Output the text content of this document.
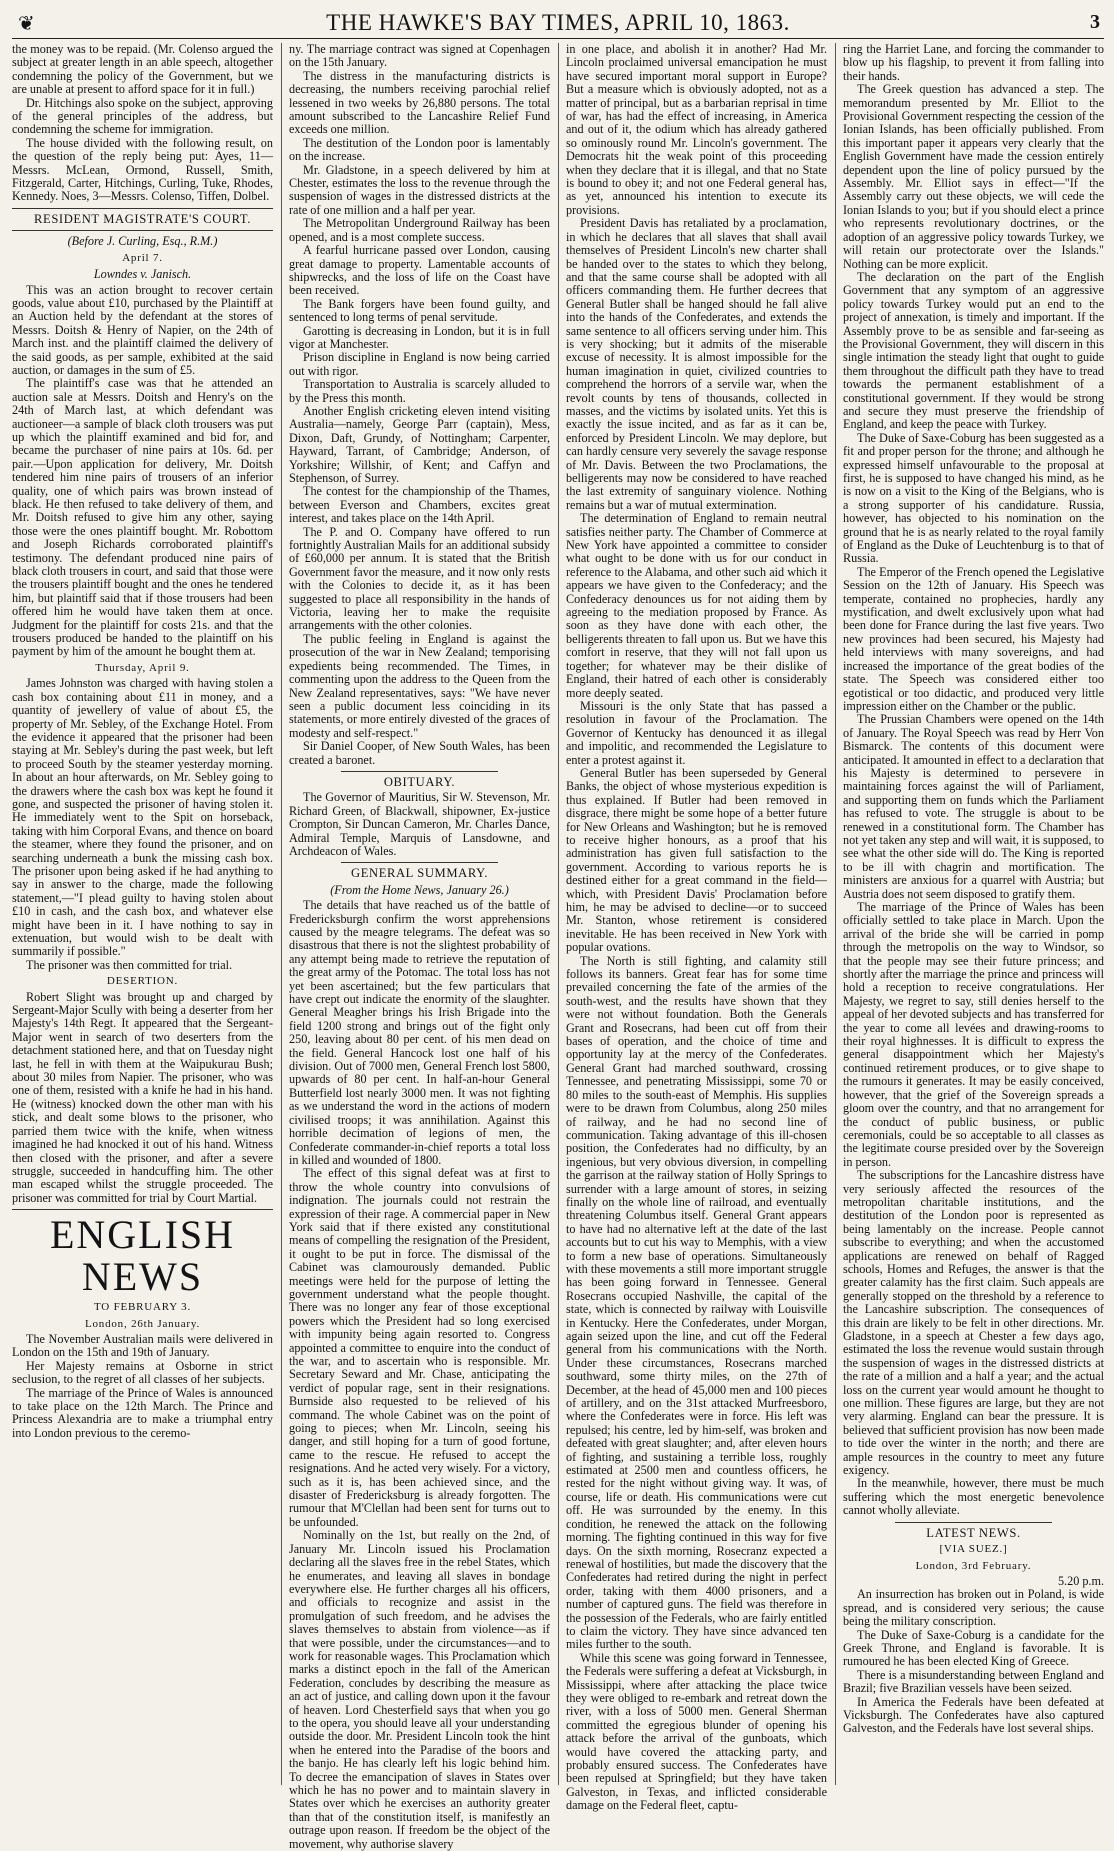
❦	THE HAWKE'S BAY TIMES, APRIL 10, 1863.	3

the money was to be repaid. (Mr. Colenso argued the subject at greater length in an able speech, altogether condemning the policy of the Government, but we are unable at present to afford space for it in full.)

Dr. Hitchings also spoke on the subject, approving of the general principles of the address, but condemning the scheme for immigration.

The house divided with the following result, on the question of the reply being put: Ayes, 11—Messrs. McLean, Ormond, Russell, Smith, Fitzgerald, Carter, Hitchings, Curling, Tuke, Rhodes, Kennedy. Noes, 3—Messrs. Colenso, Tiffen, Dolbel.

RESIDENT MAGISTRATE'S COURT.
(Before J. Curling, Esq., R.M.)
April 7.
Lowndes v. Janisch.

This was an action brought to recover certain goods, value about £10, purchased by the Plaintiff at an Auction held by the defendant at the stores of Messrs. Doitsh & Henry of Napier, on the 24th of March inst. and the plaintiff claimed the delivery of the said goods, as per sample, exhibited at the said auction, or damages in the sum of £5.

The plaintiff's case was that he attended an auction sale at Messrs. Doitsh and Henry's on the 24th of March last, at which defendant was auctioneer—a sample of black cloth trousers was put up which the plaintiff examined and bid for, and became the purchaser of nine pairs at 10s. 6d. per pair.—Upon application for delivery, Mr. Doitsh tendered him nine pairs of trousers of an inferior quality, one of which pairs was brown instead of black. He then refused to take delivery of them, and Mr. Doitsh refused to give him any other, saying those were the ones plaintiff bought. Mr. Robottom and Joseph Richards corroborated plaintiff's testimony. The defendant produced nine pairs of black cloth trousers in court, and said that those were the trousers plaintiff bought and the ones he tendered him, but plaintiff said that if those trousers had been offered him he would have taken them at once. Judgment for the plaintiff for costs 21s. and that the trousers produced be handed to the plaintiff on his payment by him of the amount he bought them at.

Thursday, April 9.

James Johnston was charged with having stolen a cash box containing about £11 in money, and a quantity of jewellery of value of about £5, the property of Mr. Sebley, of the Exchange Hotel. From the evidence it appeared that the prisoner had been staying at Mr. Sebley's during the past week, but left to proceed South by the steamer yesterday morning. In about an hour afterwards, on Mr. Sebley going to the drawers where the cash box was kept he found it gone, and suspected the prisoner of having stolen it. He immediately went to the Spit on horseback, taking with him Corporal Evans, and thence on board the steamer, where they found the prisoner, and on searching underneath a bunk the missing cash box. The prisoner upon being asked if he had anything to say in answer to the charge, made the following statement,—"I plead guilty to having stolen about £10 in cash, and the cash box, and whatever else might have been in it. I have nothing to say in extenuation, but would wish to be dealt with summarily if possible."

The prisoner was then committed for trial.

DESERTION.

Robert Slight was brought up and charged by Sergeant-Major Scully with being a deserter from her Majesty's 14th Regt. It appeared that the Sergeant-Major went in search of two deserters from the detachment stationed here, and that on Tuesday night last, he fell in with them at the Waipukurau Bush; about 30 miles from Napier. The prisoner, who was one of them, resisted with a knife he had in his hand. He (witness) knocked down the other man with his stick, and dealt some blows to the prisoner, who parried them twice with the knife, when witness imagined he had knocked it out of his hand. Witness then closed with the prisoner, and after a severe struggle, succeeded in handcuffing him. The other man escaped whilst the struggle proceeded. The prisoner was committed for trial by Court Martial.

ENGLISH NEWS
TO FEBRUARY 3.
London, 26th January.

The November Australian mails were delivered in London on the 15th and 19th of January.

Her Majesty remains at Osborne in strict seclusion, to the regret of all classes of her subjects.

The marriage of the Prince of Wales is announced to take place on the 12th March. The Prince and Princess Alexandria are to make a triumphal entry into London previous to the ceremo-

ny. The marriage contract was signed at Copenhagen on the 15th January.

The distress in the manufacturing districts is decreasing, the numbers receiving parochial relief lessened in two weeks by 26,880 persons. The total amount subscribed to the Lancashire Relief Fund exceeds one million.

The destitution of the London poor is lamentably on the increase.

Mr. Gladstone, in a speech delivered by him at Chester, estimates the loss to the revenue through the suspension of wages in the distressed districts at the rate of one million and a half per year.

The Metropolitan Underground Railway has been opened, and is a most complete success.

A fearful hurricane passed over London, causing great damage to property. Lamentable accounts of shipwrecks, and the loss of life on the Coast have been received.

The Bank forgers have been found guilty, and sentenced to long terms of penal servitude.

Garotting is decreasing in London, but it is in full vigor at Manchester.

Prison discipline in England is now being carried out with rigor.

Transportation to Australia is scarcely alluded to by the Press this month.

Another English cricketing eleven intend visiting Australia—namely, George Parr (captain), Mess, Dixon, Daft, Grundy, of Nottingham; Carpenter, Hayward, Tarrant, of Cambridge; Anderson, of Yorkshire; Willshir, of Kent; and Caffyn and Stephenson, of Surrey.

The contest for the championship of the Thames, between Everson and Chambers, excites great interest, and takes place on the 14th April.

The P. and O. Company have offered to run fortnightly Australian Mails for an additional subsidy of £60,000 per annum. It is stated that the British Government favor the measure, and it now only rests with the Colonies to decide it, as it has been suggested to place all responsibility in the hands of Victoria, leaving her to make the requisite arrangements with the other colonies.

The public feeling in England is against the prosecution of the war in New Zealand; temporising expedients being recommended. The Times, in commenting upon the address to the Queen from the New Zealand representatives, says: "We have never seen a public document less coinciding in its statements, or more entirely divested of the graces of modesty and self-respect."

Sir Daniel Cooper, of New South Wales, has been created a baronet.

OBITUARY.

The Governor of Mauritius, Sir W. Stevenson, Mr. Richard Green, of Blackwall, shipowner, Ex-justice Crompton, Sir Duncan Cameron, Mr. Charles Dance, Admiral Temple, Marquis of Lansdowne, and Archdeacon of Wales.

GENERAL SUMMARY.
(From the Home News, January 26.)

The details that have reached us of the battle of Fredericksburgh confirm the worst apprehensions caused by the meagre telegrams. The defeat was so disastrous that there is not the slightest probability of any attempt being made to retrieve the reputation of the great army of the Potomac. The total loss has not yet been ascertained; but the few particulars that have crept out indicate the enormity of the slaughter. General Meagher brings his Irish Brigade into the field 1200 strong and brings out of the fight only 250, leaving about 80 per cent. of his men dead on the field. General Hancock lost one half of his division. Out of 7000 men, General French lost 5800, upwards of 80 per cent. In half-an-hour General Butterfield lost nearly 3000 men. It was not fighting as we understand the word in the actions of modern civilised troops; it was annihilation. Against this horrible decimation of legions of men, the Confederate commander-in-chief reports a total loss in killed and wounded of 1800.

The effect of this signal defeat was at first to throw the whole country into convulsions of indignation. The journals could not restrain the expression of their rage. A commercial paper in New York said that if there existed any constitutional means of compelling the resignation of the President, it ought to be put in force. The dismissal of the Cabinet was clamourously demanded. Public meetings were held for the purpose of letting the government understand what the people thought. There was no longer any fear of those exceptional powers which the President had so long exercised with impunity being again resorted to. Congress appointed a committee to enquire into the conduct of the war, and to ascertain who is responsible. Mr. Secretary Seward and Mr. Chase, anticipating the verdict of popular rage, sent in their resignations. Burnside also requested to be relieved of his command. The whole Cabinet was on the point of going to pieces; when Mr. Lincoln, seeing his danger, and still hoping for a turn of good fortune, came to the rescue. He refused to accept the resignations. And he acted very wisely. For a victory, such as it is, has been achieved since, and the disaster of Fredericksburg is already forgotten. The rumour that M'Clellan had been sent for turns out to be unfounded.

Nominally on the 1st, but really on the 2nd, of January Mr. Lincoln issued his Proclamation declaring all the slaves free in the rebel States, which he enumerates, and leaving all slaves in bondage everywhere else. He further charges all his officers, and officials to recognize and assist in the promulgation of such freedom, and he advises the slaves themselves to abstain from violence—as if that were possible, under the circumstances—and to work for reasonable wages. This Proclamation which marks a distinct epoch in the fall of the American Federation, concludes by describing the measure as an act of justice, and calling down upon it the favour of heaven. Lord Chesterfield says that when you go to the opera, you should leave all your understanding outside the door. Mr. President Lincoln took the hint when he entered into the Paradise of the boors and the banjo. He has clearly left his logic behind him. To decree the emancipation of slaves in States over which he has no power and to maintain slavery in States over which he exercises an authority greater than that of the constitution itself, is manifestly an outrage upon reason. If freedom be the object of the movement, why authorise slavery

in one place, and abolish it in another? Had Mr. Lincoln proclaimed universal emancipation he must have secured important moral support in Europe? But a measure which is obviously adopted, not as a matter of principal, but as a barbarian reprisal in time of war, has had the effect of increasing, in America and out of it, the odium which has already gathered so ominously round Mr. Lincoln's government. The Democrats hit the weak point of this proceeding when they declare that it is illegal, and that no State is bound to obey it; and not one Federal general has, as yet, announced his intention to execute its provisions.

President Davis has retaliated by a proclamation, in which he declares that all slaves that shall avail themselves of President Lincoln's new charter shall be handed over to the states to which they belong, and that the same course shall be adopted with all officers commanding them. He further decrees that General Butler shall be hanged should he fall alive into the hands of the Confederates, and extends the same sentence to all officers serving under him. This is very shocking; but it admits of the miserable excuse of necessity. It is almost impossible for the human imagination in quiet, civilized countries to comprehend the horrors of a servile war, when the revolt counts by tens of thousands, collected in masses, and the victims by isolated units. Yet this is exactly the issue incited, and as far as it can be, enforced by President Lincoln. We may deplore, but can hardly censure very severely the savage response of Mr. Davis. Between the two Proclamations, the belligerents may now be considered to have reached the last extremity of sanguinary violence. Nothing remains but a war of mutual extermination.

The determination of England to remain neutral satisfies neither party. The Chamber of Commerce at New York have appointed a committee to consider what ought to be done with us for our conduct in reference to the Alabama, and other such aid which it appears we have given to the Confederacy; and the Confederacy denounces us for not aiding them by agreeing to the mediation proposed by France. As soon as they have done with each other, the belligerents threaten to fall upon us. But we have this comfort in reserve, that they will not fall upon us together; for whatever may be their dislike of England, their hatred of each other is considerably more deeply seated.

Missouri is the only State that has passed a resolution in favour of the Proclamation. The Governor of Kentucky has denounced it as illegal and impolitic, and recommended the Legislature to enter a protest against it.

General Butler has been superseded by General Banks, the object of whose mysterious expedition is thus explained. If Butler had been removed in disgrace, there might be some hope of a better future for New Orleans and Washington; but he is removed to receive higher honours, as a proof that his administration has given full satisfaction to the government. According to various reports he is destined either for a great command in the field—which, with President Davis' Proclamation before him, he may be advised to decline—or to succeed Mr. Stanton, whose retirement is considered inevitable. He has been received in New York with popular ovations.

The North is still fighting, and calamity still follows its banners. Great fear has for some time prevailed concerning the fate of the armies of the south-west, and the results have shown that they were not without foundation. Both the Generals Grant and Rosecrans, had been cut off from their bases of operation, and the choice of time and opportunity lay at the mercy of the Confederates. General Grant had marched southward, crossing Tennessee, and penetrating Mississippi, some 70 or 80 miles to the south-east of Memphis. His supplies were to be drawn from Columbus, along 250 miles of railway, and he had no second line of communication. Taking advantage of this ill-chosen position, the Confederates had no difficulty, by an ingenious, but very obvious diversion, in compelling the garrison at the railway station of Holly Springs to surrender with a large amount of stores, in seizing finally on the whole line of railroad, and eventually threatening Columbus itself. General Grant appears to have had no alternative left at the date of the last accounts but to cut his way to Memphis, with a view to form a new base of operations. Simultaneously with these movements a still more important struggle has been going forward in Tennessee. General Rosecrans occupied Nashville, the capital of the state, which is connected by railway with Louisville in Kentucky. Here the Confederates, under Morgan, again seized upon the line, and cut off the Federal general from his communications with the North. Under these circumstances, Rosecrans marched southward, some thirty miles, on the 27th of December, at the head of 45,000 men and 100 pieces of artillery, and on the 31st attacked Murfreesboro, where the Confederates were in force. His left was repulsed; his centre, led by him-self, was broken and defeated with great slaughter; and, after eleven hours of fighting, and sustaining a terrible loss, roughly estimated at 2500 men and countless officers, he rested for the night without giving way. It was, of course, life or death. His communications were cut off. He was surrounded by the enemy. In this condition, he renewed the attack on the following morning. The fighting continued in this way for five days. On the sixth morning, Rosecranz expected a renewal of hostilities, but made the discovery that the Confederates had retired during the night in perfect order, taking with them 4000 prisoners, and a number of captured guns. The field was therefore in the possession of the Federals, who are fairly entitled to claim the victory. They have since advanced ten miles further to the south.

While this scene was going forward in Tennessee, the Federals were suffering a defeat at Vicksburgh, in Mississippi, where after attacking the place twice they were obliged to re-embark and retreat down the river, with a loss of 5000 men. General Sherman committed the egregious blunder of opening his attack before the arrival of the gunboats, which would have covered the attacking party, and probably ensured success. The Confederates have been repulsed at Springfield; but they have taken Galveston, in Texas, and inflicted considerable damage on the Federal fleet, captu-

ring the Harriet Lane, and forcing the commander to blow up his flagship, to prevent it from falling into their hands.

The Greek question has advanced a step. The memorandum presented by Mr. Elliot to the Provisional Government respecting the cession of the Ionian Islands, has been officially published. From this important paper it appears very clearly that the English Government have made the cession entirely dependent upon the line of policy pursued by the Assembly. Mr. Elliot says in effect—"If the Assembly carry out these objects, we will cede the Ionian Islands to you; but if you should elect a prince who represents revolutionary doctrines, or the adoption of an aggressive policy towards Turkey, we will retain our protectorate over the Islands." Nothing can be more explicit.

The declaration on the part of the English Government that any symptom of an aggressive policy towards Turkey would put an end to the project of annexation, is timely and important. If the Assembly prove to be as sensible and far-seeing as the Provisional Government, they will discern in this single intimation the steady light that ought to guide them throughout the difficult path they have to tread towards the permanent establishment of a constitutional government. If they would be strong and secure they must preserve the friendship of England, and keep the peace with Turkey.

The Duke of Saxe-Coburg has been suggested as a fit and proper person for the throne; and although he expressed himself unfavourable to the proposal at first, he is supposed to have changed his mind, as he is now on a visit to the King of the Belgians, who is a strong supporter of his candidature. Russia, however, has objected to his nomination on the ground that he is as nearly related to the royal family of England as the Duke of Leuchtenburg is to that of Russia.

The Emperor of the French opened the Legislative Session on the 12th of January. His Speech was temperate, contained no prophecies, hardly any mystification, and dwelt exclusively upon what had been done for France during the last five years. Two new provinces had been secured, his Majesty had held interviews with many sovereigns, and had increased the importance of the great bodies of the state. The Speech was considered either too egotistical or too didactic, and produced very little impression either on the Chamber or the public.

The Prussian Chambers were opened on the 14th of January. The Royal Speech was read by Herr Von Bismarck. The contents of this document were anticipated. It amounted in effect to a declaration that his Majesty is determined to persevere in maintaining forces against the will of Parliament, and supporting them on funds which the Parliament has refused to vote. The struggle is about to be renewed in a constitutional form. The Chamber has not yet taken any step and will wait, it is supposed, to see what the other side will do. The King is reported to be ill with chagrin and mortification. The ministers are anxious for a quarrel with Austria; but Austria does not seem disposed to gratify them.

The marriage of the Prince of Wales has been officially settled to take place in March. Upon the arrival of the bride she will be carried in pomp through the metropolis on the way to Windsor, so that the people may see their future princess; and shortly after the marriage the prince and princess will hold a reception to receive congratulations. Her Majesty, we regret to say, still denies herself to the appeal of her devoted subjects and has transferred for the year to come all levées and drawing-rooms to their royal highnesses. It is difficult to express the general disappointment which her Majesty's continued retirement produces, or to give shape to the rumours it generates. It may be easily conceived, however, that the grief of the Sovereign spreads a gloom over the country, and that no arrangement for the conduct of public business, or public ceremonials, could be so acceptable to all classes as the legitimate course presided over by the Sovereign in person.

The subscriptions for the Lancashire distress have very seriously affected the resources of the metropolitan charitable institutions, and the destitution of the London poor is represented as being lamentably on the increase. People cannot subscribe to everything; and when the accustomed applications are renewed on behalf of Ragged schools, Homes and Refuges, the answer is that the greater calamity has the first claim. Such appeals are generally stopped on the threshold by a reference to the Lancashire subscription. The consequences of this drain are likely to be felt in other directions. Mr. Gladstone, in a speech at Chester a few days ago, estimated the loss the revenue would sustain through the suspension of wages in the distressed districts at the rate of a million and a half a year; and the actual loss on the current year would amount he thought to one million. These figures are large, but they are not very alarming. England can bear the pressure. It is believed that sufficient provision has now been made to tide over the winter in the north; and there are ample resources in the country to meet any future exigency.

In the meanwhile, however, there must be much suffering which the most energetic benevolence cannot wholly alleviate.

LATEST NEWS.
[VIA SUEZ.]
London, 3rd February.
5.20 p.m.

An insurrection has broken out in Poland, is wide spread, and is considered very serious; the cause being the military conscription.

The Duke of Saxe-Coburg is a candidate for the Greek Throne, and England is favorable. It is rumoured he has been elected King of Greece.

There is a misunderstanding between England and Brazil; five Brazilian vessels have been seized.

In America the Federals have been defeated at Vicksburgh. The Confederates have also captured Galveston, and the Federals have lost several ships.
